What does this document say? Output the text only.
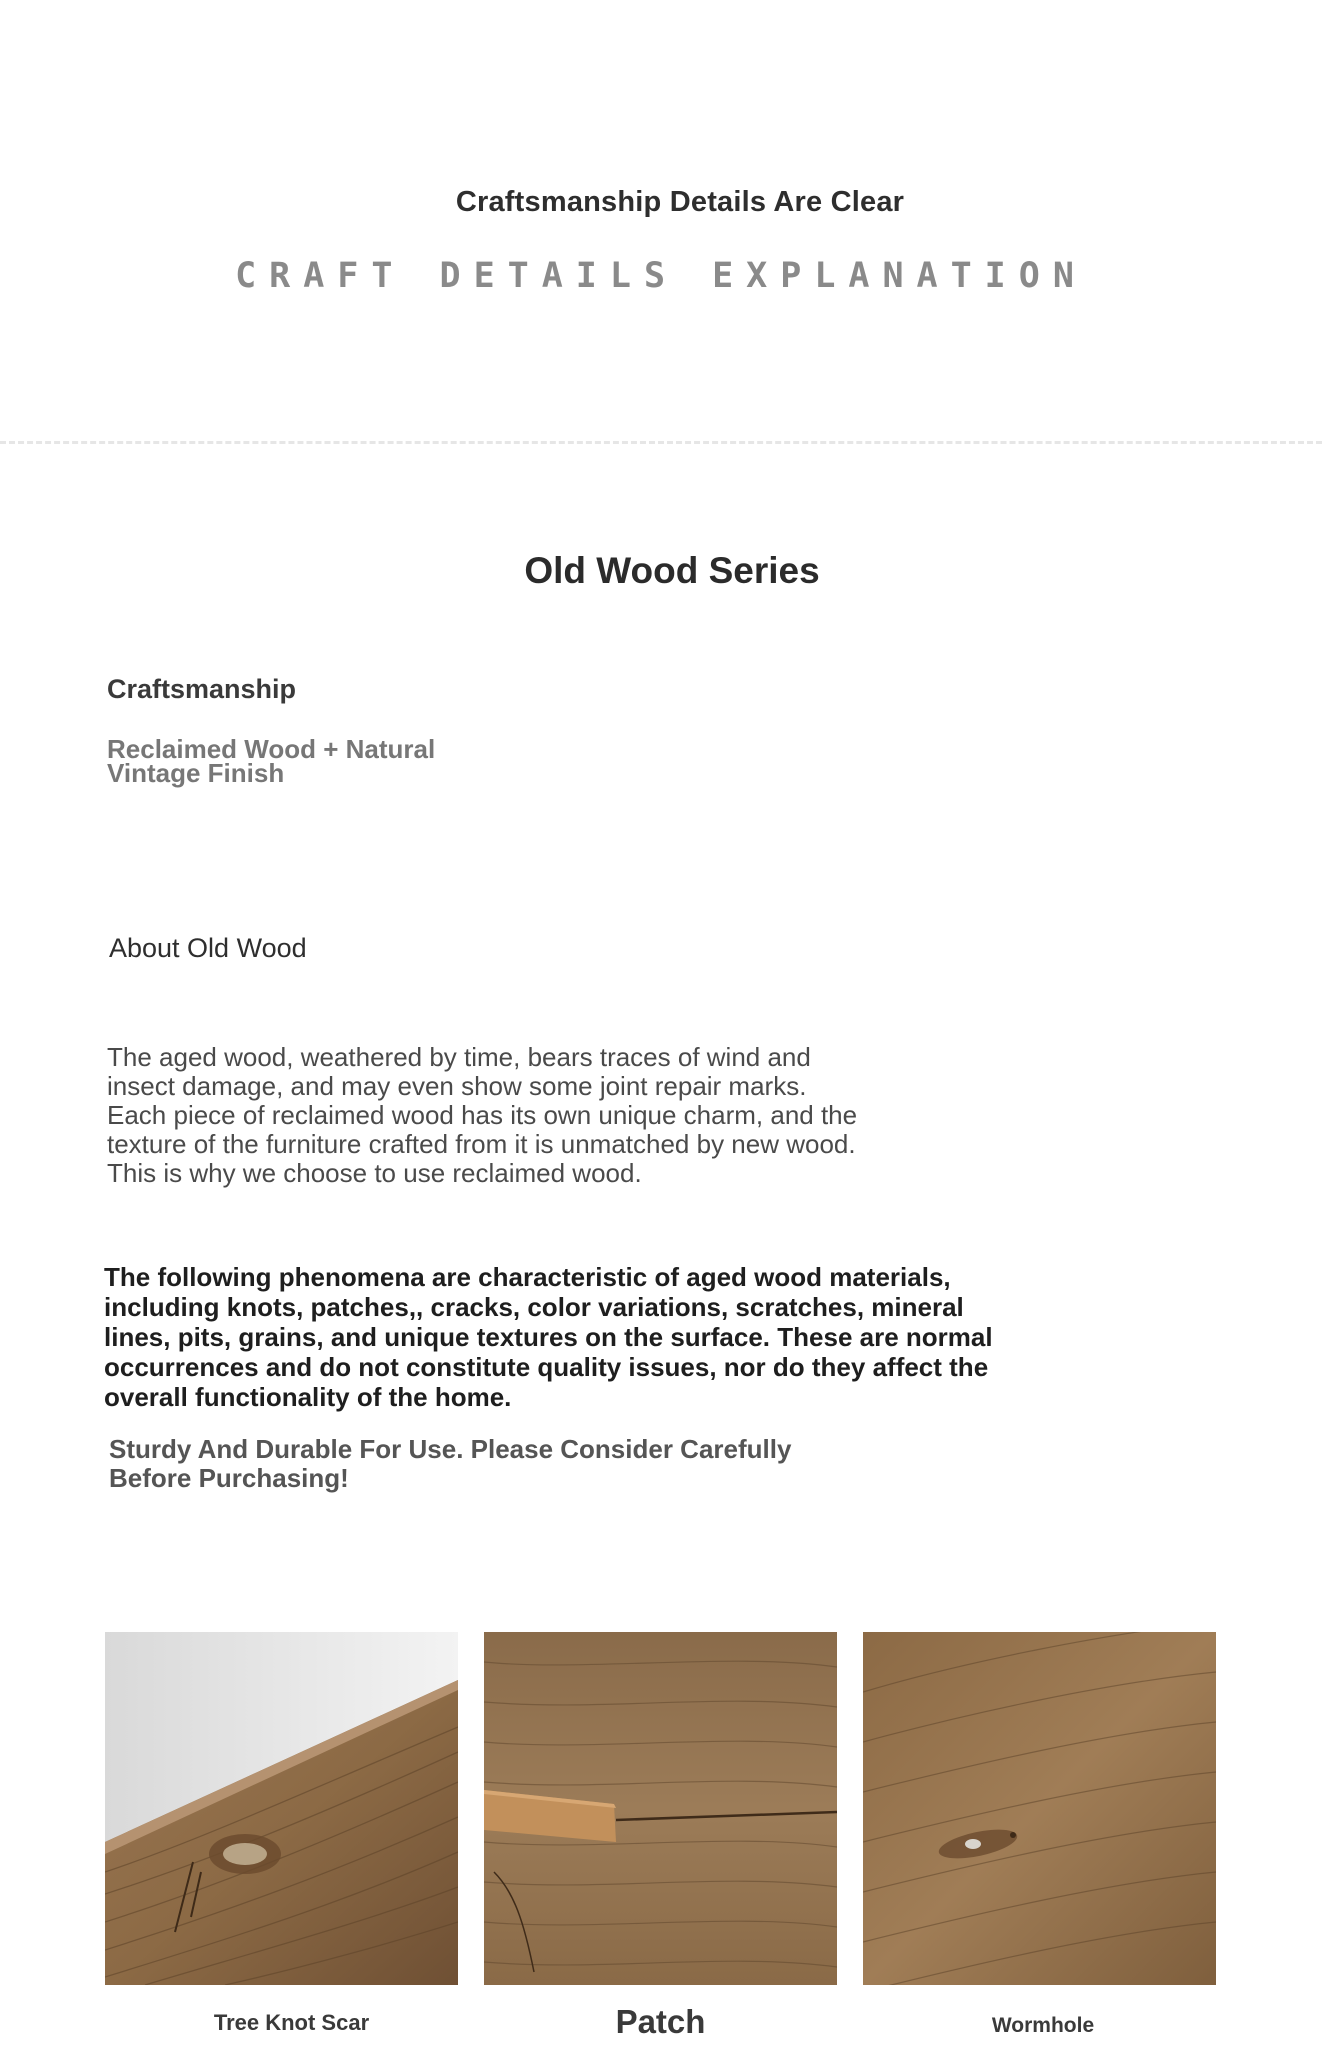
Craftsmanship Details Are Clear
CRAFT DETAILS EXPLANATION
Old Wood Series
Craftsmanship
Reclaimed Wood + Natural Vintage Finish
About Old Wood
The aged wood, weathered by time, bears traces of wind and insect damage, and may even show some joint repair marks. Each piece of reclaimed wood has its own unique charm, and the texture of the furniture crafted from it is unmatched by new wood. This is why we choose to use reclaimed wood.
The following phenomena are characteristic of aged wood materials, including knots, patches,, cracks, color variations, scratches, mineral lines, pits, grains, and unique textures on the surface. These are normal occurrences and do not constitute quality issues, nor do they affect the overall functionality of the home.
Sturdy And Durable For Use. Please Consider Carefully Before Purchasing!
Tree Knot Scar	Patch	Wormhole
